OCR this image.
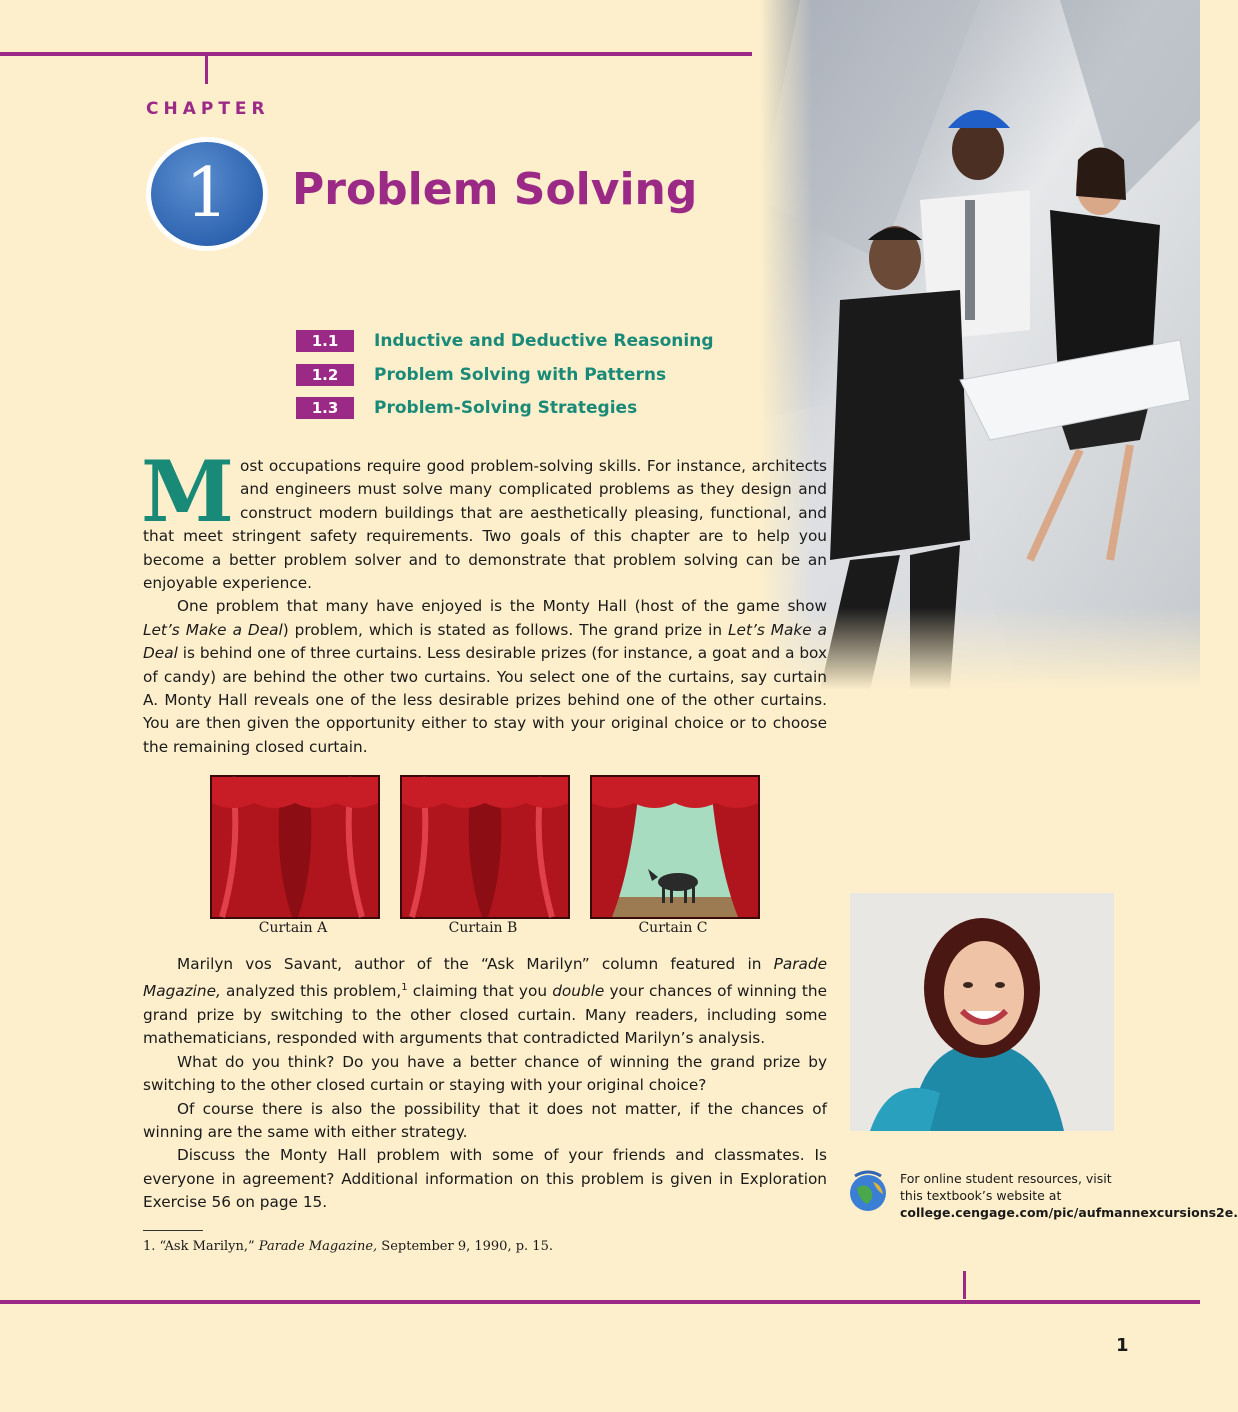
CHAPTER
1	Problem Solving
1.1	Inductive and Deductive Reasoning
1.2	Problem Solving with Patterns
1.3	Problem-Solving Strategies

Most occupations require good problem-solving skills. For instance, architects and engineers must solve many complicated problems as they design and construct modern buildings that are aesthetically pleasing, functional, and that meet stringent safety requirements. Two goals of this chapter are to help you become a better problem solver and to demonstrate that problem solving can be an enjoyable experience.

One problem that many have enjoyed is the Monty Hall (host of the game show Let’s Make a Deal) problem, which is stated as follows. The grand prize in Let’s Make a Deal is behind one of three curtains. Less desirable prizes (for instance, a goat and a box of candy) are behind the other two curtains. You select one of the curtains, say curtain A. Monty Hall reveals one of the less desirable prizes behind one of the other curtains. You are then given the opportunity either to stay with your original choice or to choose the remaining closed curtain.

Curtain A	Curtain B	Curtain C

Marilyn vos Savant, author of the “Ask Marilyn” column featured in Parade Magazine, analyzed this problem,$^1$ claiming that you double your chances of winning the grand prize by switching to the other closed curtain. Many readers, including some mathematicians, responded with arguments that contradicted Marilyn’s analysis.

What do you think? Do you have a better chance of winning the grand prize by switching to the other closed curtain or staying with your original choice?

Of course there is also the possibility that it does not matter, if the chances of winning are the same with either strategy.

Discuss the Monty Hall problem with some of your friends and classmates. Is everyone in agreement? Additional information on this problem is given in Exploration Exercise 56 on page 15.

For online student resources, visit this textbook’s website at
college.cengage.com/pic/aufmannexcursions2e.
1. “Ask Marilyn,” Parade Magazine, September 9, 1990, p. 15.
1
